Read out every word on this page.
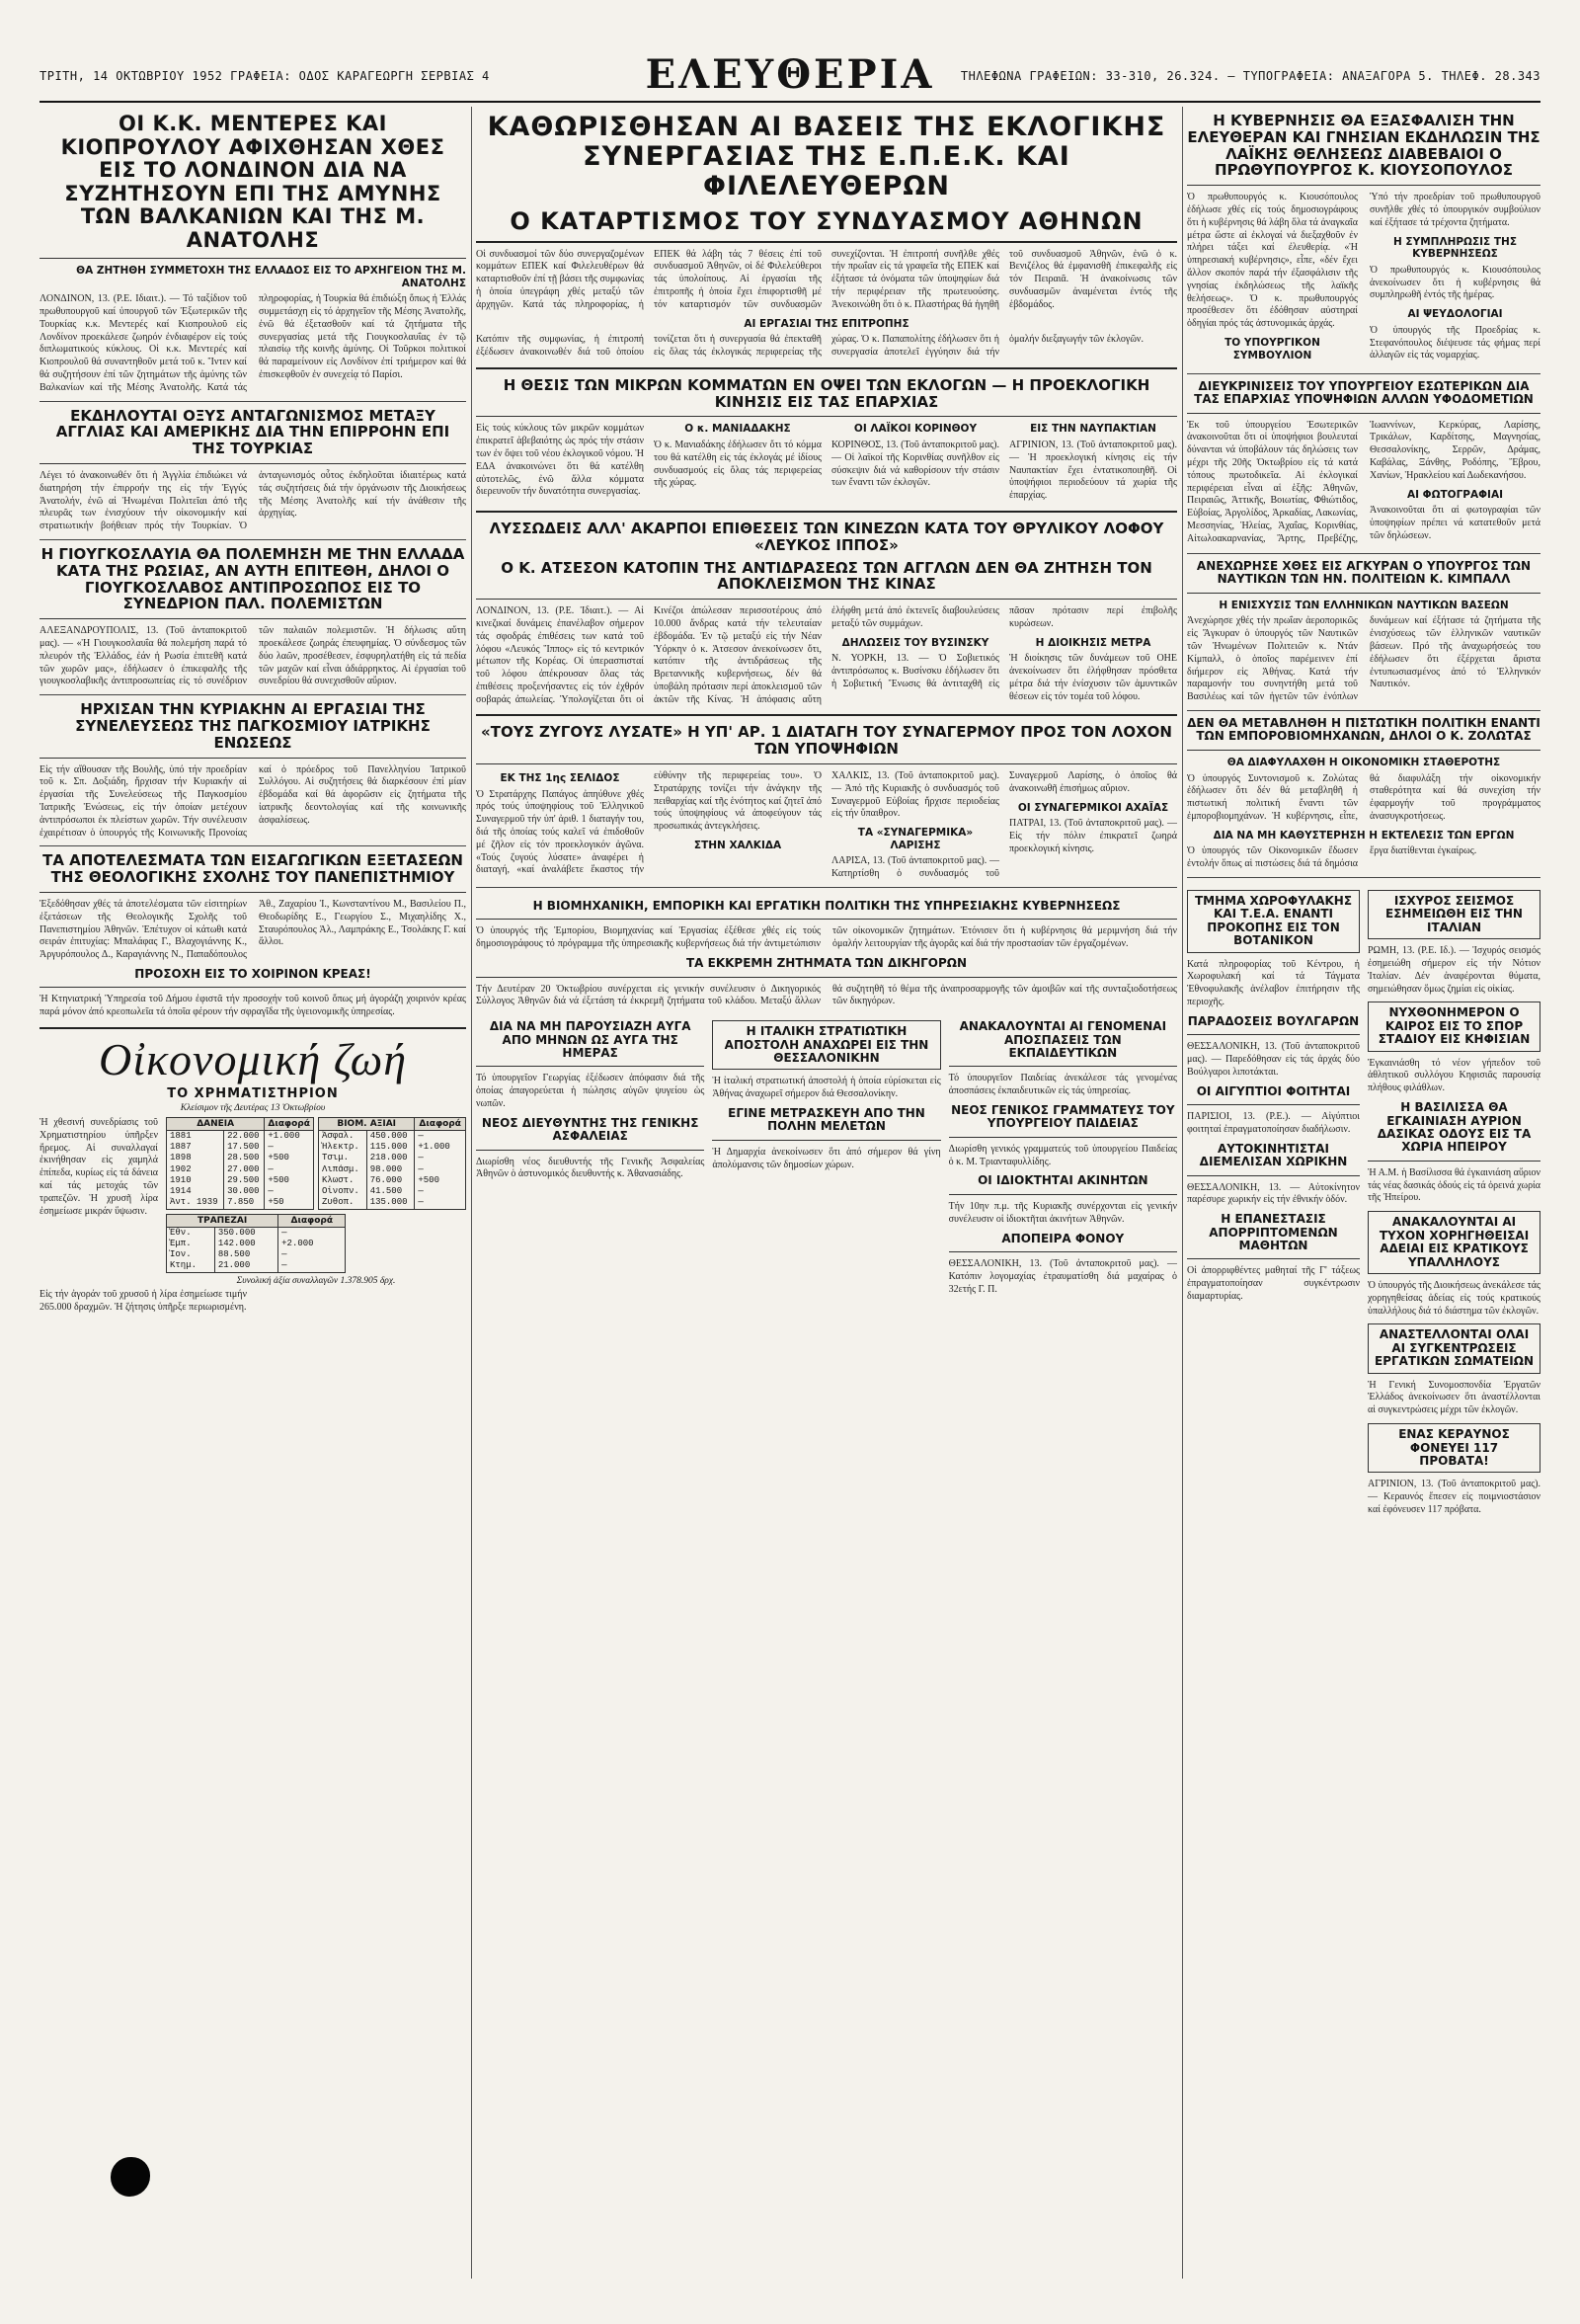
ΤΡΙΤΗ, 14 ΟΚΤΩΒΡΙΟΥ 1952 ΓΡΑΦΕΙΑ: ΟΔΟΣ ΚΑΡΑΓΕΩΡΓΗ ΣΕΡΒΙΑΣ 4	ΕΛΕΥΘΕΡΙΑ	ΤΗΛΕΦΩΝΑ ΓΡΑΦΕΙΩΝ: 33-310, 26.324. — ΤΥΠΟΓΡΑΦΕΙΑ: ΑΝΑΞΑΓΟΡΑ 5. ΤΗΛΕΦ. 28.343
ΟΙ Κ.Κ. ΜΕΝΤΕΡΕΣ ΚΑΙ ΚΙΟΠΡΟΥΛΟΥ ΑΦΙΧΘΗΣΑΝ ΧΘΕΣ ΕΙΣ ΤΟ ΛΟΝΔΙΝΟΝ ΔΙΑ ΝΑ ΣΥΖΗΤΗΣΟΥΝ ΕΠΙ ΤΗΣ ΑΜΥΝΗΣ ΤΩΝ ΒΑΛΚΑΝΙΩΝ ΚΑΙ ΤΗΣ Μ. ΑΝΑΤΟΛΗΣ
ΘΑ ΖΗΤΗΘΗ ΣΥΜΜΕΤΟΧΗ ΤΗΣ ΕΛΛΑΔΟΣ ΕΙΣ ΤΟ ΑΡΧΗΓΕΙΟΝ ΤΗΣ Μ. ΑΝΑΤΟΛΗΣ

ΛΟΝΔΙΝΟΝ, 13. (Ρ.Ε. Ιδιαιτ.). — Τό ταξίδιον τοῦ πρωθυπουργοῦ καί ὑπουργοῦ τῶν Ἐξωτερικῶν τῆς Τουρκίας κ.κ. Μεντερές καί Κιοπρουλοῦ εἰς Λονδίνον προεκάλεσε ζωηρόν ἐνδιαφέρον εἰς τούς διπλωματικούς κύκλους. Οἱ κ.κ. Μεντερές καί Κιοπρουλοῦ θά συναντηθοῦν μετά τοῦ κ. Ἴντεν καί θά συζητήσουν ἐπί τῶν ζητημάτων τῆς ἀμύνης τῶν Βαλκανίων καί τῆς Μέσης Ἀνατολῆς. Κατά τάς πληροφορίας, ἡ Τουρκία θά ἐπιδιώξη ὅπως ἡ Ἑλλάς συμμετάσχη εἰς τό ἀρχηγεῖον τῆς Μέσης Ἀνατολῆς, ἐνῶ θά ἐξετασθοῦν καί τά ζητήματα τῆς συνεργασίας μετά τῆς Γιουγκοσλαυΐας ἐν τῷ πλαισίῳ τῆς κοινῆς ἀμύνης. Οἱ Τοῦρκοι πολιτικοί θά παραμείνουν εἰς Λονδίνον ἐπί τριήμερον καί θά ἐπισκεφθοῦν ἐν συνεχείᾳ τό Παρίσι.

ΕΚΔΗΛΟΥΤΑΙ ΟΞΥΣ ΑΝΤΑΓΩΝΙΣΜΟΣ ΜΕΤΑΞΥ ΑΓΓΛΙΑΣ ΚΑΙ ΑΜΕΡΙΚΗΣ ΔΙΑ ΤΗΝ ΕΠΙΡΡΟΗΝ ΕΠΙ ΤΗΣ ΤΟΥΡΚΙΑΣ

Λέγει τό ἀνακοινωθέν ὅτι ἡ Ἀγγλία ἐπιδιώκει νά διατηρήση τήν ἐπιρροήν της εἰς τήν Ἐγγύς Ἀνατολήν, ἐνῶ αἱ Ἡνωμέναι Πολιτεῖαι ἀπό τῆς πλευρᾶς των ἐνισχύουν τήν οἰκονομικήν καί στρατιωτικήν βοήθειαν πρός τήν Τουρκίαν. Ὁ ἀνταγωνισμός οὗτος ἐκδηλοῦται ἰδιαιτέρως κατά τάς συζητήσεις διά τήν ὀργάνωσιν τῆς Διοικήσεως τῆς Μέσης Ἀνατολῆς καί τήν ἀνάθεσιν τῆς ἀρχηγίας.

Η ΓΙΟΥΓΚΟΣΛΑΥΙΑ ΘΑ ΠΟΛΕΜΗΣΗ ΜΕ ΤΗΝ ΕΛΛΑΔΑ ΚΑΤΑ ΤΗΣ ΡΩΣΙΑΣ, ΑΝ ΑΥΤΗ ΕΠΙΤΕΘΗ, ΔΗΛΟΙ Ο ΓΙΟΥΓΚΟΣΛΑΒΟΣ ΑΝΤΙΠΡΟΣΩΠΟΣ ΕΙΣ ΤΟ ΣΥΝΕΔΡΙΟΝ ΠΑΛ. ΠΟΛΕΜΙΣΤΩΝ

ΑΛΕΞΑΝΔΡΟΥΠΟΛΙΣ, 13. (Τοῦ ἀνταποκριτοῦ μας). — «Ἡ Γιουγκοσλαυΐα θά πολεμήση παρά τό πλευρόν τῆς Ἑλλάδος, ἐάν ἡ Ρωσία ἐπιτεθῆ κατά τῶν χωρῶν μας», ἐδήλωσεν ὁ ἐπικεφαλῆς τῆς γιουγκοσλαβικῆς ἀντιπροσωπείας εἰς τό συνέδριον τῶν παλαιῶν πολεμιστῶν. Ἡ δήλωσις αὕτη προεκάλεσε ζωηράς ἐπευφημίας. Ὁ σύνδεσμος τῶν δύο λαῶν, προσέθεσεν, ἐσφυρηλατήθη εἰς τά πεδία τῶν μαχῶν καί εἶναι ἀδιάρρηκτος. Αἱ ἐργασίαι τοῦ συνεδρίου θά συνεχισθοῦν αὔριον.

ΗΡΧΙΣΑΝ ΤΗΝ ΚΥΡΙΑΚΗΝ ΑΙ ΕΡΓΑΣΙΑΙ ΤΗΣ ΣΥΝΕΛΕΥΣΕΩΣ ΤΗΣ ΠΑΓΚΟΣΜΙΟΥ ΙΑΤΡΙΚΗΣ ΕΝΩΣΕΩΣ

Εἰς τήν αἴθουσαν τῆς Βουλῆς, ὑπό τήν προεδρίαν τοῦ κ. Σπ. Δοξιάδη, ἤρχισαν τήν Κυριακήν αἱ ἐργασίαι τῆς Συνελεύσεως τῆς Παγκοσμίου Ἰατρικῆς Ἑνώσεως, εἰς τήν ὁποίαν μετέχουν ἀντιπρόσωποι ἐκ πλείστων χωρῶν. Τήν συνέλευσιν ἐχαιρέτισαν ὁ ὑπουργός τῆς Κοινωνικῆς Προνοίας καί ὁ πρόεδρος τοῦ Πανελληνίου Ἰατρικοῦ Συλλόγου. Αἱ συζητήσεις θά διαρκέσουν ἐπί μίαν ἑβδομάδα καί θά ἀφορῶσιν εἰς ζητήματα τῆς ἰατρικῆς δεοντολογίας καί τῆς κοινωνικῆς ἀσφαλίσεως.

ΤΑ ΑΠΟΤΕΛΕΣΜΑΤΑ ΤΩΝ ΕΙΣΑΓΩΓΙΚΩΝ ΕΞΕΤΑΣΕΩΝ ΤΗΣ ΘΕΟΛΟΓΙΚΗΣ ΣΧΟΛΗΣ ΤΟΥ ΠΑΝΕΠΙΣΤΗΜΙΟΥ

Ἐξεδόθησαν χθές τά ἀποτελέσματα τῶν εἰσιτηρίων ἐξετάσεων τῆς Θεολογικῆς Σχολῆς τοῦ Πανεπιστημίου Ἀθηνῶν. Ἐπέτυχον οἱ κάτωθι κατά σειράν ἐπιτυχίας: Μπαλάφας Γ., Βλαχογιάννης Κ., Ἀργυρόπουλος Δ., Καραγιάννης Ν., Παπαδόπουλος Ἀθ., Ζαχαρίου Ἰ., Κωνσταντίνου Μ., Βασιλείου Π., Θεοδωρίδης Ε., Γεωργίου Σ., Μιχαηλίδης Χ., Σταυρόπουλος Ἀλ., Λαμπράκης Ε., Τσολάκης Γ. καί ἄλλοι.

ΠΡΟΣΟΧΗ ΕΙΣ ΤΟ ΧΟΙΡΙΝΟΝ ΚΡΕΑΣ!

Ἡ Κτηνιατρική Ὑπηρεσία τοῦ Δήμου ἐφιστᾶ τήν προσοχήν τοῦ κοινοῦ ὅπως μή ἀγοράζη χοιρινόν κρέας παρά μόνον ἀπό κρεοπωλεῖα τά ὁποῖα φέρουν τήν σφραγῖδα τῆς ὑγειονομικῆς ὑπηρεσίας.

Οἰκονομική ζωή
ΤΟ ΧΡΗΜΑΤΙΣΤΗΡΙΟΝ
Κλείσιμον τῆς Δευτέρας 13 Ὀκτωβρίου

Ἡ χθεσινή συνεδρίασις τοῦ Χρηματιστηρίου ὑπῆρξεν ἤρεμος. Αἱ συναλλαγαί ἐκινήθησαν εἰς χαμηλά ἐπίπεδα, κυρίως εἰς τά δάνεια καί τάς μετοχάς τῶν τραπεζῶν. Ἡ χρυσῆ λίρα ἐσημείωσε μικράν ὕψωσιν.

ΔΑΝΕΙΑ		Διαφορά
1881	22.000	+1.000
1887	17.500	—
1898	28.500	+500
1902	27.000	—
1910	29.500	+500
1914	30.000	—
Ἀντ. 1939	7.850	+50
ΒΙΟΜ. ΑΞΙΑΙ		Διαφορά
Ἀσφαλ.	450.000	—
Ἡλεκτρ.	115.000	+1.000
Τσιμ.	218.000	—
Λιπάσμ.	98.000	—
Κλωστ.	76.000	+500
Οἰνοπν.	41.500	—
Ζυθοπ.	135.000	—
ΤΡΑΠΕΖΑΙ		Διαφορά
Ἐθν.	350.000	—
Ἐμπ.	142.000	+2.000
Ἰον.	88.500	—
Κτημ.	21.000	—
Συνολική ἀξία συναλλαγῶν 1.378.905 δρχ.

Εἰς τήν ἀγοράν τοῦ χρυσοῦ ἡ λίρα ἐσημείωσε τιμήν 265.000 δραχμῶν. Ἡ ζήτησις ὑπῆρξε περιωρισμένη.

ΚΑΘΩΡΙΣΘΗΣΑΝ ΑΙ ΒΑΣΕΙΣ ΤΗΣ ΕΚΛΟΓΙΚΗΣ ΣΥΝΕΡΓΑΣΙΑΣ ΤΗΣ Ε.Π.Ε.Κ. ΚΑΙ ΦΙΛΕΛΕΥΘΕΡΩΝ
Ο ΚΑΤΑΡΤΙΣΜΟΣ ΤΟΥ ΣΥΝΔΥΑΣΜΟΥ ΑΘΗΝΩΝ

Οἱ συνδυασμοί τῶν δύο συνεργαζομένων κομμάτων ΕΠΕΚ καί Φιλελευθέρων θά καταρτισθοῦν ἐπί τῇ βάσει τῆς συμφωνίας ἡ ὁποία ὑπεγράφη χθές μεταξύ τῶν ἀρχηγῶν. Κατά τάς πληροφορίας, ἡ ΕΠΕΚ θά λάβη τάς 7 θέσεις ἐπί τοῦ συνδυασμοῦ Ἀθηνῶν, οἱ δέ Φιλελεύθεροι τάς ὑπολοίπους. Αἱ ἐργασίαι τῆς ἐπιτροπῆς ἡ ὁποία ἔχει ἐπιφορτισθῆ μέ τόν καταρτισμόν τῶν συνδυασμῶν συνεχίζονται. Ἡ ἐπιτροπή συνῆλθε χθές τήν πρωΐαν εἰς τά γραφεῖα τῆς ΕΠΕΚ καί ἐξήτασε τά ὀνόματα τῶν ὑποψηφίων διά τήν περιφέρειαν τῆς πρωτευούσης. Ἀνεκοινώθη ὅτι ὁ κ. Πλαστήρας θά ἡγηθῆ τοῦ συνδυασμοῦ Ἀθηνῶν, ἐνῶ ὁ κ. Βενιζέλος θά ἐμφανισθῆ ἐπικεφαλῆς εἰς τόν Πειραιᾶ. Ἡ ἀνακοίνωσις τῶν συνδυασμῶν ἀναμένεται ἐντός τῆς ἑβδομάδος.

ΑΙ ΕΡΓΑΣΙΑΙ ΤΗΣ ΕΠΙΤΡΟΠΗΣ

Κατόπιν τῆς συμφωνίας, ἡ ἐπιτροπή ἐξέδωσεν ἀνακοινωθέν διά τοῦ ὁποίου τονίζεται ὅτι ἡ συνεργασία θά ἐπεκταθῆ εἰς ὅλας τάς ἐκλογικάς περιφερείας τῆς χώρας. Ὁ κ. Παπαπολίτης ἐδήλωσεν ὅτι ἡ συνεργασία ἀποτελεῖ ἐγγύησιν διά τήν ὁμαλήν διεξαγωγήν τῶν ἐκλογῶν.

Η ΘΕΣΙΣ ΤΩΝ ΜΙΚΡΩΝ ΚΟΜΜΑΤΩΝ ΕΝ ΟΨΕΙ ΤΩΝ ΕΚΛΟΓΩΝ — Η ΠΡΟΕΚΛΟΓΙΚΗ ΚΙΝΗΣΙΣ ΕΙΣ ΤΑΣ ΕΠΑΡΧΙΑΣ

Εἰς τούς κύκλους τῶν μικρῶν κομμάτων ἐπικρατεῖ ἀβεβαιότης ὡς πρός τήν στάσιν των ἐν ὄψει τοῦ νέου ἐκλογικοῦ νόμου. Ἡ ΕΔΑ ἀνακοινώνει ὅτι θά κατέλθη αὐτοτελῶς, ἐνῶ ἄλλα κόμματα διερευνοῦν τήν δυνατότητα συνεργασίας.

Ο κ. ΜΑΝΙΑΔΑΚΗΣ

Ὁ κ. Μανιαδάκης ἐδήλωσεν ὅτι τό κόμμα του θά κατέλθη εἰς τάς ἐκλογάς μέ ἰδίους συνδυασμούς εἰς ὅλας τάς περιφερείας τῆς χώρας.

ΟΙ ΛΑΪΚΟΙ ΚΟΡΙΝΘΟΥ

ΚΟΡΙΝΘΟΣ, 13. (Τοῦ ἀνταποκριτοῦ μας). — Οἱ λαϊκοί τῆς Κορινθίας συνῆλθον εἰς σύσκεψιν διά νά καθορίσουν τήν στάσιν των ἔναντι τῶν ἐκλογῶν.

ΕΙΣ ΤΗΝ ΝΑΥΠΑΚΤΙΑΝ

ΑΓΡΙΝΙΟΝ, 13. (Τοῦ ἀνταποκριτοῦ μας). — Ἡ προεκλογική κίνησις εἰς τήν Ναυπακτίαν ἔχει ἐντατικοποιηθῆ. Οἱ ὑποψήφιοι περιοδεύουν τά χωρία τῆς ἐπαρχίας.

ΛΥΣΣΩΔΕΙΣ ΑΛΛ' ΑΚΑΡΠΟΙ ΕΠΙΘΕΣΕΙΣ ΤΩΝ ΚΙΝΕΖΩΝ ΚΑΤΑ ΤΟΥ ΘΡΥΛΙΚΟΥ ΛΟΦΟΥ «ΛΕΥΚΟΣ ΙΠΠΟΣ»
Ο Κ. ΑΤΣΕΣΟΝ ΚΑΤΟΠΙΝ ΤΗΣ ΑΝΤΙΔΡΑΣΕΩΣ ΤΩΝ ΑΓΓΛΩΝ ΔΕΝ ΘΑ ΖΗΤΗΣΗ ΤΟΝ ΑΠΟΚΛΕΙΣΜΟΝ ΤΗΣ ΚΙΝΑΣ

ΛΟΝΔΙΝΟΝ, 13. (Ρ.Ε. Ἰδιαιτ.). — Αἱ κινεζικαί δυνάμεις ἐπανέλαβον σήμερον τάς σφοδράς ἐπιθέσεις των κατά τοῦ λόφου «Λευκός Ἵππος» εἰς τό κεντρικόν μέτωπον τῆς Κορέας. Οἱ ὑπερασπισταί τοῦ λόφου ἀπέκρουσαν ὅλας τάς ἐπιθέσεις προξενήσαντες εἰς τόν ἐχθρόν σοβαράς ἀπωλείας. Ὑπολογίζεται ὅτι οἱ Κινέζοι ἀπώλεσαν περισσοτέρους ἀπό 10.000 ἄνδρας κατά τήν τελευταίαν ἑβδομάδα. Ἐν τῷ μεταξύ εἰς τήν Νέαν Ὑόρκην ὁ κ. Ἀτσεσον ἀνεκοίνωσεν ὅτι, κατόπιν τῆς ἀντιδράσεως τῆς Βρεταννικῆς κυβερνήσεως, δέν θά ὑποβάλη πρότασιν περί ἀποκλεισμοῦ τῶν ἀκτῶν τῆς Κίνας. Ἡ ἀπόφασις αὕτη ἐλήφθη μετά ἀπό ἐκτενεῖς διαβουλεύσεις μεταξύ τῶν συμμάχων.

ΔΗΛΩΣΕΙΣ ΤΟΥ ΒΥΣΙΝΣΚΥ

Ν. ΥΟΡΚΗ, 13. — Ὁ Σοβιετικός ἀντιπρόσωπος κ. Βυσίνσκυ ἐδήλωσεν ὅτι ἡ Σοβιετική Ἕνωσις θά ἀντιταχθῆ εἰς πᾶσαν πρότασιν περί ἐπιβολῆς κυρώσεων.

Η ΔΙΟΙΚΗΣΙΣ ΜΕΤΡΑ

Ἡ διοίκησις τῶν δυνάμεων τοῦ ΟΗΕ ἀνεκοίνωσεν ὅτι ἐλήφθησαν πρόσθετα μέτρα διά τήν ἐνίσχυσιν τῶν ἀμυντικῶν θέσεων εἰς τόν τομέα τοῦ λόφου.

«ΤΟΥΣ ΖΥΓΟΥΣ ΛΥΣΑΤΕ» Η ΥΠ' ΑΡ. 1 ΔΙΑΤΑΓΗ ΤΟΥ ΣΥΝΑΓΕΡΜΟΥ ΠΡΟΣ ΤΟΝ ΛΟΧΟΝ ΤΩΝ ΥΠΟΨΗΦΙΩΝ
ΕΚ ΤΗΣ 1ης ΣΕΛΙΔΟΣ

Ὁ Στρατάρχης Παπάγος ἀπηύθυνε χθές πρός τούς ὑποψηφίους τοῦ Ἑλληνικοῦ Συναγερμοῦ τήν ὑπ' ἀριθ. 1 διαταγήν του, διά τῆς ὁποίας τούς καλεῖ νά ἐπιδοθοῦν μέ ζῆλον εἰς τόν προεκλογικόν ἀγῶνα. «Τούς ζυγούς λύσατε» ἀναφέρει ἡ διαταγή, «καί ἀναλάβετε ἕκαστος τήν εὐθύνην τῆς περιφερείας του». Ὁ Στρατάρχης τονίζει τήν ἀνάγκην τῆς πειθαρχίας καί τῆς ἑνότητος καί ζητεῖ ἀπό τούς ὑποψηφίους νά ἀποφεύγουν τάς προσωπικάς ἀντεγκλήσεις.

ΣΤΗΝ ΧΑΛΚΙΔΑ

ΧΑΛΚΙΣ, 13. (Τοῦ ἀνταποκριτοῦ μας). — Ἀπό τῆς Κυριακῆς ὁ συνδυασμός τοῦ Συναγερμοῦ Εὐβοίας ἤρχισε περιοδείας εἰς τήν ὕπαιθρον.

ΤΑ «ΣΥΝΑΓΕΡΜΙΚΑ» ΛΑΡΙΣΗΣ

ΛΑΡΙΣΑ, 13. (Τοῦ ἀνταποκριτοῦ μας). — Κατηρτίσθη ὁ συνδυασμός τοῦ Συναγερμοῦ Λαρίσης, ὁ ὁποῖος θά ἀνακοινωθῆ ἐπισήμως αὔριον.

ΟΙ ΣΥΝΑΓΕΡΜΙΚΟΙ ΑΧΑΪΑΣ

ΠΑΤΡΑΙ, 13. (Τοῦ ἀνταποκριτοῦ μας). — Εἰς τήν πόλιν ἐπικρατεῖ ζωηρά προεκλογική κίνησις.

Η ΒΙΟΜΗΧΑΝΙΚΗ, ΕΜΠΟΡΙΚΗ ΚΑΙ ΕΡΓΑΤΙΚΗ ΠΟΛΙΤΙΚΗ ΤΗΣ ΥΠΗΡΕΣΙΑΚΗΣ ΚΥΒΕΡΝΗΣΕΩΣ

Ὁ ὑπουργός τῆς Ἐμπορίου, Βιομηχανίας καί Ἐργασίας ἐξέθεσε χθές εἰς τούς δημοσιογράφους τό πρόγραμμα τῆς ὑπηρεσιακῆς κυβερνήσεως διά τήν ἀντιμετώπισιν τῶν οἰκονομικῶν ζητημάτων. Ἐτόνισεν ὅτι ἡ κυβέρνησις θά μεριμνήση διά τήν ὁμαλήν λειτουργίαν τῆς ἀγορᾶς καί διά τήν προστασίαν τῶν ἐργαζομένων.

ΤΑ ΕΚΚΡΕΜΗ ΖΗΤΗΜΑΤΑ ΤΩΝ ΔΙΚΗΓΟΡΩΝ

Τήν Δευτέραν 20 Ὀκτωβρίου συνέρχεται εἰς γενικήν συνέλευσιν ὁ Δικηγορικός Σύλλογος Ἀθηνῶν διά νά ἐξετάση τά ἐκκρεμῆ ζητήματα τοῦ κλάδου. Μεταξύ ἄλλων θά συζητηθῆ τό θέμα τῆς ἀναπροσαρμογῆς τῶν ἀμοιβῶν καί τῆς συνταξιοδοτήσεως τῶν δικηγόρων.

ΔΙΑ ΝΑ ΜΗ ΠΑΡΟΥΣΙΑΖΗ ΑΥΓΑ ΑΠΟ ΜΗΝΩΝ ΩΣ ΑΥΓΑ ΤΗΣ ΗΜΕΡΑΣ

Τό ὑπουργεῖον Γεωργίας ἐξέδωσεν ἀπόφασιν διά τῆς ὁποίας ἀπαγορεύεται ἡ πώλησις αὐγῶν ψυγείου ὡς νωπῶν.

ΝΕΟΣ ΔΙΕΥΘΥΝΤΗΣ ΤΗΣ ΓΕΝΙΚΗΣ ΑΣΦΑΛΕΙΑΣ

Διωρίσθη νέος διευθυντής τῆς Γενικῆς Ἀσφαλείας Ἀθηνῶν ὁ ἀστυνομικός διευθυντής κ. Ἀθανασιάδης.

Η ΙΤΑΛΙΚΗ ΣΤΡΑΤΙΩΤΙΚΗ ΑΠΟΣΤΟΛΗ ΑΝΑΧΩΡΕΙ ΕΙΣ ΤΗΝ ΘΕΣΣΑΛΟΝΙΚΗΝ

Ἡ ἰταλική στρατιωτική ἀποστολή ἡ ὁποία εὑρίσκεται εἰς Ἀθήνας ἀναχωρεῖ σήμερον διά Θεσσαλονίκην.

ΕΓΙΝΕ ΜΕΤΡΑΣΚΕΥΗ ΑΠΟ ΤΗΝ ΠΟΛΗΝ ΜΕΛΕΤΩΝ

Ἡ Δημαρχία ἀνεκοίνωσεν ὅτι ἀπό σήμερον θά γίνη ἀπολύμανσις τῶν δημοσίων χώρων.

ΑΝΑΚΑΛΟΥΝΤΑΙ ΑΙ ΓΕΝΟΜΕΝΑΙ ΑΠΟΣΠΑΣΕΙΣ ΤΩΝ ΕΚΠΑΙΔΕΥΤΙΚΩΝ

Τό ὑπουργεῖον Παιδείας ἀνεκάλεσε τάς γενομένας ἀποσπάσεις ἐκπαιδευτικῶν εἰς τάς ὑπηρεσίας.

ΝΕΟΣ ΓΕΝΙΚΟΣ ΓΡΑΜΜΑΤΕΥΣ ΤΟΥ ΥΠΟΥΡΓΕΙΟΥ ΠΑΙΔΕΙΑΣ

Διωρίσθη γενικός γραμματεύς τοῦ ὑπουργείου Παιδείας ὁ κ. Μ. Τριανταφυλλίδης.

ΟΙ ΙΔΙΟΚΤΗΤΑΙ ΑΚΙΝΗΤΩΝ

Τήν 10ην π.μ. τῆς Κυριακῆς συνέρχονται εἰς γενικήν συνέλευσιν οἱ ἰδιοκτῆται ἀκινήτων Ἀθηνῶν.

ΑΠΟΠΕΙΡΑ ΦΟΝΟΥ

ΘΕΣΣΑΛΟΝΙΚΗ, 13. (Τοῦ ἀνταποκριτοῦ μας). — Κατόπιν λογομαχίας ἐτραυματίσθη διά μαχαίρας ὁ 32ετής Γ. Π.

Η ΚΥΒΕΡΝΗΣΙΣ ΘΑ ΕΞΑΣΦΑΛΙΣΗ ΤΗΝ ΕΛΕΥΘΕΡΑΝ ΚΑΙ ΓΝΗΣΙΑΝ ΕΚΔΗΛΩΣΙΝ ΤΗΣ ΛΑΪΚΗΣ ΘΕΛΗΣΕΩΣ ΔΙΑΒΕΒΑΙΟΙ Ο ΠΡΩΘΥΠΟΥΡΓΟΣ Κ. ΚΙΟΥΣΟΠΟΥΛΟΣ

Ὁ πρωθυπουργός κ. Κιουσόπουλος ἐδήλωσε χθές εἰς τούς δημοσιογράφους ὅτι ἡ κυβέρνησις θά λάβη ὅλα τά ἀναγκαῖα μέτρα ὥστε αἱ ἐκλογαί νά διεξαχθοῦν ἐν πλήρει τάξει καί ἐλευθερίᾳ. «Ἡ ὑπηρεσιακή κυβέρνησις», εἶπε, «δέν ἔχει ἄλλον σκοπόν παρά τήν ἐξασφάλισιν τῆς γνησίας ἐκδηλώσεως τῆς λαϊκῆς θελήσεως». Ὁ κ. πρωθυπουργός προσέθεσεν ὅτι ἐδόθησαν αὐστηραί ὁδηγίαι πρός τάς ἀστυνομικάς ἀρχάς.

ΤΟ ΥΠΟΥΡΓΙΚΟΝ ΣΥΜΒΟΥΛΙΟΝ

Ὑπό τήν προεδρίαν τοῦ πρωθυπουργοῦ συνῆλθε χθές τό ὑπουργικόν συμβούλιον καί ἐξήτασε τά τρέχοντα ζητήματα.

Η ΣΥΜΠΛΗΡΩΣΙΣ ΤΗΣ ΚΥΒΕΡΝΗΣΕΩΣ

Ὁ πρωθυπουργός κ. Κιουσόπουλος ἀνεκοίνωσεν ὅτι ἡ κυβέρνησις θά συμπληρωθῆ ἐντός τῆς ἡμέρας.

ΑΙ ΨΕΥΔΟΛΟΓΙΑΙ

Ὁ ὑπουργός τῆς Προεδρίας κ. Στεφανόπουλος διέψευσε τάς φήμας περί ἀλλαγῶν εἰς τάς νομαρχίας.

ΔΙΕΥΚΡΙΝΙΣΕΙΣ ΤΟΥ ΥΠΟΥΡΓΕΙΟΥ ΕΣΩΤΕΡΙΚΩΝ ΔΙΑ ΤΑΣ ΕΠΑΡΧΙΑΣ ΥΠΟΨΗΦΙΩΝ ΑΛΛΩΝ ΥΦΟΔΟΜΕΤΙΩΝ

Ἐκ τοῦ ὑπουργείου Ἐσωτερικῶν ἀνακοινοῦται ὅτι οἱ ὑποψήφιοι βουλευταί δύνανται νά ὑποβάλουν τάς δηλώσεις των μέχρι τῆς 20ῆς Ὀκτωβρίου εἰς τά κατά τόπους πρωτοδικεῖα. Αἱ ἐκλογικαί περιφέρειαι εἶναι αἱ ἑξῆς: Ἀθηνῶν, Πειραιῶς, Ἀττικῆς, Βοιωτίας, Φθιώτιδος, Εὐβοίας, Ἀργολίδος, Ἀρκαδίας, Λακωνίας, Μεσσηνίας, Ἠλείας, Ἀχαΐας, Κορινθίας, Αἰτωλοακαρνανίας, Ἄρτης, Πρεβέζης, Ἰωαννίνων, Κερκύρας, Λαρίσης, Τρικάλων, Καρδίτσης, Μαγνησίας, Θεσσαλονίκης, Σερρῶν, Δράμας, Καβάλας, Ξάνθης, Ροδόπης, Ἕβρου, Χανίων, Ἡρακλείου καί Δωδεκανήσου.

ΑΙ ΦΩΤΟΓΡΑΦΙΑΙ

Ἀνακοινοῦται ὅτι αἱ φωτογραφίαι τῶν ὑποψηφίων πρέπει νά κατατεθοῦν μετά τῶν δηλώσεων.

ΑΝΕΧΩΡΗΣΕ ΧΘΕΣ ΕΙΣ ΑΓΚΥΡΑΝ Ο ΥΠΟΥΡΓΟΣ ΤΩΝ ΝΑΥΤΙΚΩΝ ΤΩΝ ΗΝ. ΠΟΛΙΤΕΙΩΝ Κ. ΚΙΜΠΑΛΛ
Η ΕΝΙΣΧΥΣΙΣ ΤΩΝ ΕΛΛΗΝΙΚΩΝ ΝΑΥΤΙΚΩΝ ΒΑΣΕΩΝ

Ἀνεχώρησε χθές τήν πρωΐαν ἀεροπορικῶς εἰς Ἄγκυραν ὁ ὑπουργός τῶν Ναυτικῶν τῶν Ἡνωμένων Πολιτειῶν κ. Ντάν Κίμπαλλ, ὁ ὁποῖος παρέμεινεν ἐπί διήμερον εἰς Ἀθήνας. Κατά τήν παραμονήν του συνηντήθη μετά τοῦ Βασιλέως καί τῶν ἡγετῶν τῶν ἐνόπλων δυνάμεων καί ἐξήτασε τά ζητήματα τῆς ἐνισχύσεως τῶν ἑλληνικῶν ναυτικῶν βάσεων. Πρό τῆς ἀναχωρήσεώς του ἐδήλωσεν ὅτι ἐξέρχεται ἄριστα ἐντυπωσιασμένος ἀπό τό Ἑλληνικόν Ναυτικόν.

ΔΕΝ ΘΑ ΜΕΤΑΒΛΗΘΗ Η ΠΙΣΤΩΤΙΚΗ ΠΟΛΙΤΙΚΗ ΕΝΑΝΤΙ ΤΩΝ ΕΜΠΟΡΟΒΙΟΜΗΧΑΝΩΝ, ΔΗΛΟΙ Ο Κ. ΖΟΛΩΤΑΣ
ΘΑ ΔΙΑΦΥΛΑΧΘΗ Η ΟΙΚΟΝΟΜΙΚΗ ΣΤΑΘΕΡΟΤΗΣ

Ὁ ὑπουργός Συντονισμοῦ κ. Ζολώτας ἐδήλωσεν ὅτι δέν θά μεταβληθῆ ἡ πιστωτική πολιτική ἔναντι τῶν ἐμποροβιομηχάνων. Ἡ κυβέρνησις, εἶπε, θά διαφυλάξη τήν οἰκονομικήν σταθερότητα καί θά συνεχίση τήν ἐφαρμογήν τοῦ προγράμματος ἀνασυγκροτήσεως.

ΔΙΑ ΝΑ ΜΗ ΚΑΘΥΣΤΕΡΗΣΗ Η ΕΚΤΕΛΕΣΙΣ ΤΩΝ ΕΡΓΩΝ

Ὁ ὑπουργός τῶν Οἰκονομικῶν ἔδωσεν ἐντολήν ὅπως αἱ πιστώσεις διά τά δημόσια ἔργα διατίθενται ἐγκαίρως.

ΤΜΗΜΑ ΧΩΡΟΦΥΛΑΚΗΣ ΚΑΙ Τ.Ε.Α. ΕΝΑΝΤΙ ΠΡΟΚΟΠΗΣ ΕΙΣ ΤΟΝ ΒΟΤΑΝΙΚΟΝ

Κατά πληροφορίας τοῦ Κέντρου, ἡ Χωροφυλακή καί τά Τάγματα Ἐθνοφυλακῆς ἀνέλαβον ἐπιτήρησιν τῆς περιοχῆς.

ΠΑΡΑΔΟΣΕΙΣ ΒΟΥΛΓΑΡΩΝ

ΘΕΣΣΑΛΟΝΙΚΗ, 13. (Τοῦ ἀνταποκριτοῦ μας). — Παρεδόθησαν εἰς τάς ἀρχάς δύο Βούλγαροι λιποτάκται.

ΟΙ ΑΙΓΥΠΤΙΟΙ ΦΟΙΤΗΤΑΙ

ΠΑΡΙΣΙΟΙ, 13. (Ρ.Ε.). — Αἰγύπτιοι φοιτηταί ἐπραγματοποίησαν διαδήλωσιν.

ΑΥΤΟΚΙΝΗΤΙΣΤΑΙ ΔΙΕΜΕΛΙΣΑΝ ΧΩΡΙΚΗΝ

ΘΕΣΣΑΛΟΝΙΚΗ, 13. — Αὐτοκίνητον παρέσυρε χωρικήν εἰς τήν ἐθνικήν ὁδόν.

Η ΕΠΑΝΕΣΤΑΣΙΣ ΑΠΟΡΡΙΠΤΟΜΕΝΩΝ ΜΑΘΗΤΩΝ

Οἱ ἀπορριφθέντες μαθηταί τῆς Γ' τάξεως ἐπραγματοποίησαν συγκέντρωσιν διαμαρτυρίας.

ΙΣΧΥΡΟΣ ΣΕΙΣΜΟΣ ΕΣΗΜΕΙΩΘΗ ΕΙΣ ΤΗΝ ΙΤΑΛΙΑΝ

ΡΩΜΗ, 13. (Ρ.Ε. Ιδ.). — Ἰσχυρός σεισμός ἐσημειώθη σήμερον εἰς τήν Νότιον Ἰταλίαν. Δέν ἀναφέρονται θύματα, σημειώθησαν ὅμως ζημίαι εἰς οἰκίας.

ΝΥΧΘΟΝΗΜΕΡΟΝ Ο ΚΑΙΡΟΣ ΕΙΣ ΤΟ ΣΠΟΡ ΣΤΑΔΙΟΥ ΕΙΣ ΚΗΦΙΣΙΑΝ

Ἐγκαινιάσθη τό νέον γήπεδον τοῦ ἀθλητικοῦ συλλόγου Κηφισιᾶς παρουσίᾳ πλήθους φιλάθλων.

Η ΒΑΣΙΛΙΣΣΑ ΘΑ ΕΓΚΑΙΝΙΑΣΗ ΑΥΡΙΟΝ ΔΑΣΙΚΑΣ ΟΔΟΥΣ ΕΙΣ ΤΑ ΧΩΡΙΑ ΗΠΕΙΡΟΥ

Ἡ Α.Μ. ἡ Βασίλισσα θά ἐγκαινιάση αὔριον τάς νέας δασικάς ὁδούς εἰς τά ὀρεινά χωρία τῆς Ἠπείρου.

ΑΝΑΚΑΛΟΥΝΤΑΙ ΑΙ ΤΥΧΟΝ ΧΟΡΗΓΗΘΕΙΣΑΙ ΑΔΕΙΑΙ ΕΙΣ ΚΡΑΤΙΚΟΥΣ ΥΠΑΛΛΗΛΟΥΣ

Ὁ ὑπουργός τῆς Διοικήσεως ἀνεκάλεσε τάς χορηγηθείσας ἀδείας εἰς τούς κρατικούς ὑπαλλήλους διά τό διάστημα τῶν ἐκλογῶν.

ΑΝΑΣΤΕΛΛΟΝΤΑΙ ΟΛΑΙ ΑΙ ΣΥΓΚΕΝΤΡΩΣΕΙΣ ΕΡΓΑΤΙΚΩΝ ΣΩΜΑΤΕΙΩΝ

Ἡ Γενική Συνομοσπονδία Ἐργατῶν Ἑλλάδος ἀνεκοίνωσεν ὅτι ἀναστέλλονται αἱ συγκεντρώσεις μέχρι τῶν ἐκλογῶν.

ΕΝΑΣ ΚΕΡΑΥΝΟΣ ΦΟΝΕΥΕΙ 117 ΠΡΟΒΑΤΑ!

ΑΓΡΙΝΙΟΝ, 13. (Τοῦ ἀνταποκριτοῦ μας). — Κεραυνός ἔπεσεν εἰς ποιμνιοστάσιον καί ἐφόνευσεν 117 πρόβατα.
